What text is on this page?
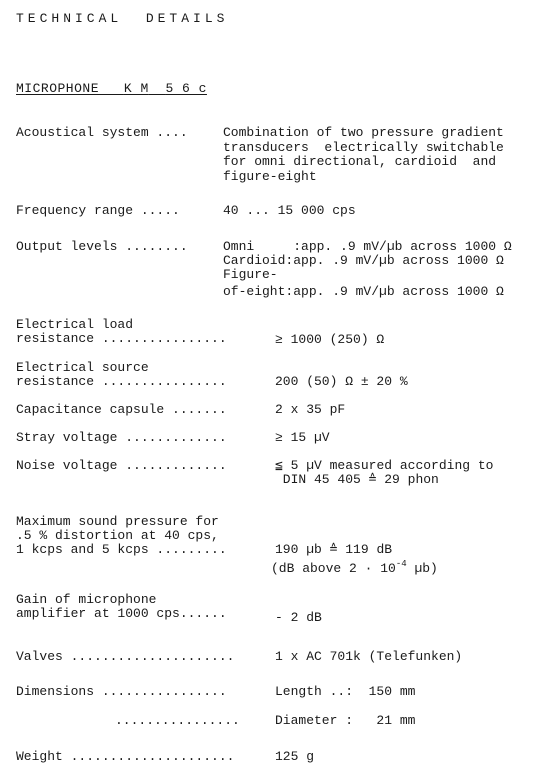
TECHNICAL  DETAILS
MICROPHONE K M 5 6 c
Acoustical system ....	Combination of two pressure gradient
transducers  electrically switchable
for omni directional, cardioid  and
figure-eight
Frequency range .....	40 ... 15 000 cps
Output levels ........	Omni     :app. .9 mV/µb across 1000 Ω
Cardioid:app. .9 mV/µb across 1000 Ω
Figure-
of-eight:app. .9 mV/µb across 1000 Ω
Electrical load
resistance ................	≥ 1000 (250) Ω
Electrical source
resistance ................	200 (50) Ω ± 20 %
Capacitance capsule .......	2 x 35 pF
Stray voltage .............	≥ 15 µV
Noise voltage .............	≦ 5 µV measured according to
DIN 45 405 ≙ 29 phon
Maximum sound pressure for
.5 % distortion at 40 cps,
1 kcps and 5 kcps .........	190 µb ≙ 119 dB
(dB above $2 \cdot 10^{-4}$ µb)
Gain of microphone
amplifier at 1000 cps......	- 2 dB
Valves .....................	1 x AC 701k (Telefunken)
Dimensions ................	Length ..:  150 mm
................	Diameter :   21 mm
Weight .....................	125 g
